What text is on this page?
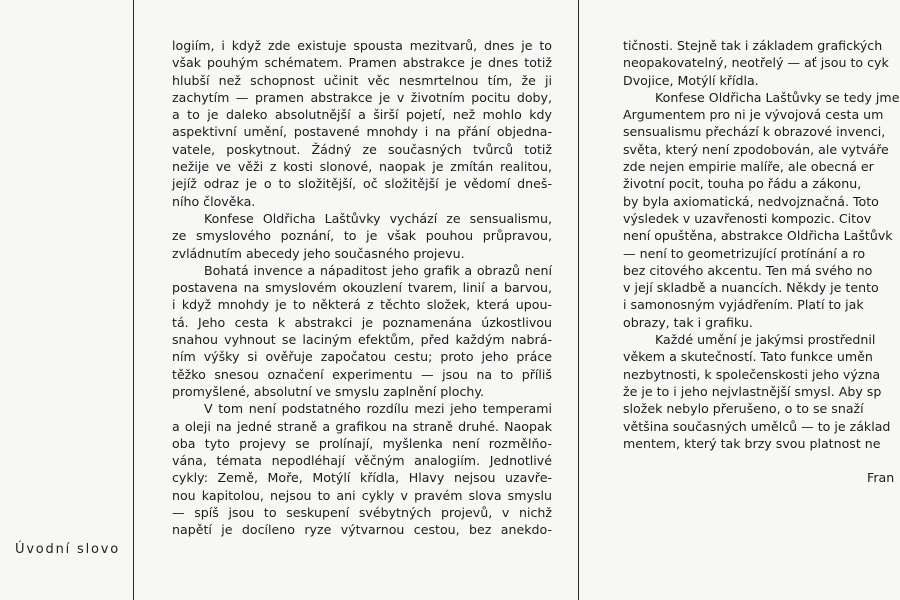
Úvodní slovo
logiím, i když zde existuje spousta mezitvarů, dnes je to
však pouhým schématem. Pramen abstrakce je dnes totiž
hlubší než schopnost učinit věc nesmrtelnou tím, že ji
zachytím — pramen abstrakce je v životním pocitu doby,
a to je daleko absolutnější a širší pojetí, než mohlo kdy
aspektivní umění, postavené mnohdy i na přání objedna-
vatele, poskytnout. Žádný ze současných tvůrců totiž
nežije ve věži z kosti slonové, naopak je zmítán realitou,
jejíž odraz je o to složitější, oč složitější je vědomí dneš-
ního člověka.
Konfese Oldřicha Laštůvky vychází ze sensualismu,
ze smyslového poznání, to je však pouhou průpravou,
zvládnutím abecedy jeho současného projevu.
Bohatá invence a nápaditost jeho grafik a obrazů není
postavena na smyslovém okouzlení tvarem, linií a barvou,
i když mnohdy je to některá z těchto složek, která upou-
tá. Jeho cesta k abstrakci je poznamenána úzkostlivou
snahou vyhnout se laciným efektům, před každým nabrá-
ním výšky si ověřuje započatou cestu; proto jeho práce
těžko snesou označení experimentu — jsou na to příliš
promyšlené, absolutní ve smyslu zaplnění plochy.
V tom není podstatného rozdílu mezi jeho temperami
a oleji na jedné straně a grafikou na straně druhé. Naopak
oba tyto projevy se prolínají, myšlenka není rozmělňo-
vána, témata nepodléhají věčným analogiím. Jednotlivé
cykly: Země, Moře, Motýlí křídla, Hlavy nejsou uzavře-
nou kapitolou, nejsou to ani cykly v pravém slova smyslu
— spíš jsou to seskupení svébytných projevů, v nichž
napětí je docíleno ryze výtvarnou cestou, bez anekdo-
tičnosti. Stejně tak i základem grafických
neopakovatelný, neotřelý — ať jsou to cyk
Dvojice, Motýlí křídla.
Konfese Oldřicha Laštůvky se tedy jme
Argumentem pro ni je vývojová cesta um
sensualismu přechází k obrazové invenci,
světa, který není zpodobován, ale vytváře
zde nejen empirie malíře, ale obecná er
životní pocit, touha po řádu a zákonu,
by byla axiomatická, nedvojznačná. Toto
výsledek v uzavřenosti kompozic. Citov
není opuštěna, abstrakce Oldřicha Laštůvk
— není to geometrizující protínání a ro
bez citového akcentu. Ten má svého no
v její skladbě a nuancích. Někdy je tento
i samonosným vyjádřením. Platí to jak
obrazy, tak i grafiku.
Každé umění je jakýmsi prostřednil
věkem a skutečností. Tato funkce uměn
nezbytnosti, k společenskosti jeho význa
že je to i jeho nejvlastnější smysl. Aby sp
složek nebylo přerušeno, o to se snaží
většina současných umělců — to je základ
mentem, který tak brzy svou platnost ne
Fran
